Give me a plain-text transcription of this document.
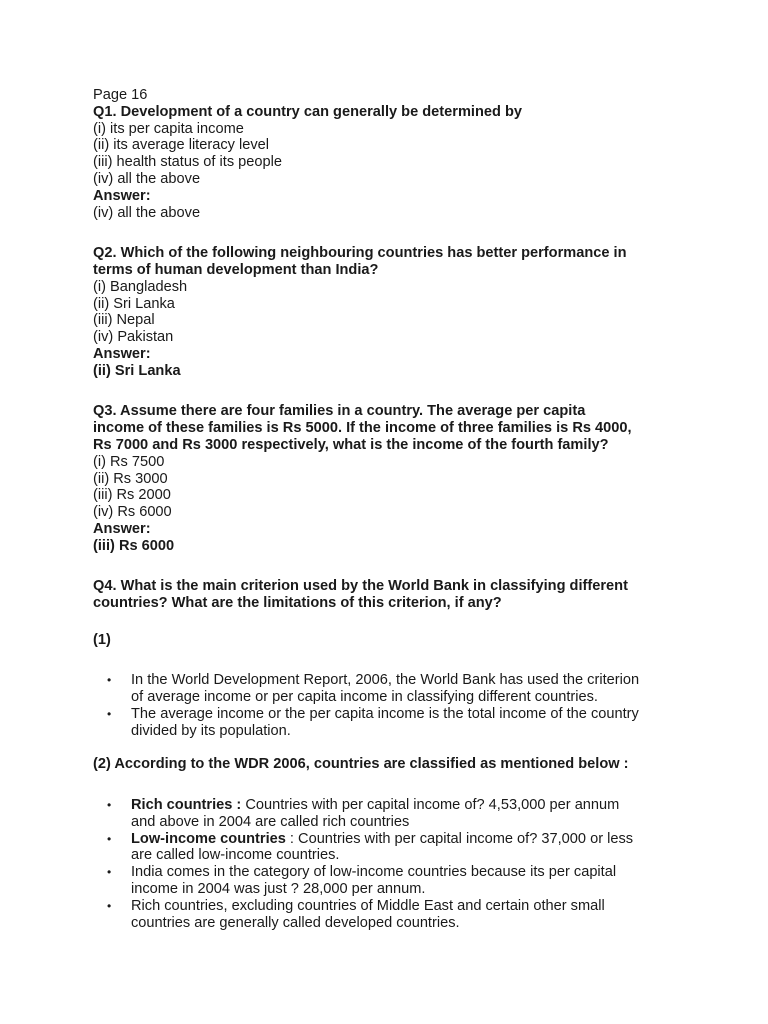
Page 16

Q1. Development of a country can generally be determined by

(i) its per capita income

(ii) its average literacy level

(iii) health status of its people

(iv) all the above

Answer:

(iv) all the above

Q2. Which of the following neighbouring countries has better performance in

terms of human development than India?

(i) Bangladesh

(ii) Sri Lanka

(iii) Nepal

(iv) Pakistan

Answer:

(ii) Sri Lanka

Q3. Assume there are four families in a country. The average per capita

income of these families is Rs 5000. If the income of three families is Rs 4000,

Rs 7000 and Rs 3000 respectively, what is the income of the fourth family?

(i) Rs 7500

(ii) Rs 3000

(iii) Rs 2000

(iv) Rs 6000

Answer:

(iii) Rs 6000

Q4. What is the main criterion used by the World Bank in classifying different

countries? What are the limitations of this criterion, if any?

(1)

• In the World Development Report, 2006, the World Bank has used the criterion

of average income or per capita income in classifying different countries.

• The average income or the per capita income is the total income of the country

divided by its population.

(2) According to the WDR 2006, countries are classified as mentioned below :

• Rich countries : Countries with per capital income of? 4,53,000 per annum

and above in 2004 are called rich countries

• Low-income countries : Countries with per capital income of? 37,000 or less

are called low-income countries.

• India comes in the category of low-income countries because its per capital

income in 2004 was just ? 28,000 per annum.

• Rich countries, excluding countries of Middle East and certain other small

countries are generally called developed countries.
